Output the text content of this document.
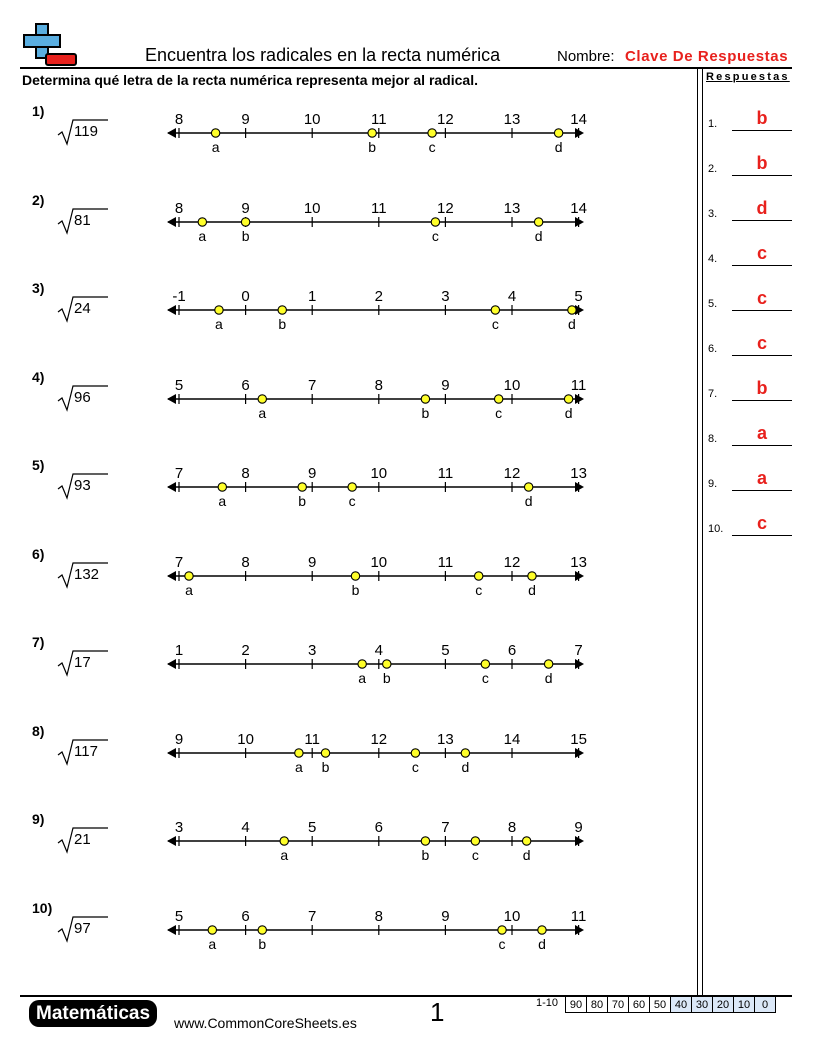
Encuentra los radicales en la recta numérica	Nombre: Clave De Respuestas
Determina qué letra de la recta numérica representa mejor al radical.	Respuestas
1.	b
2.	b
3.	d
4.	c
5.	c
6.	c
7.	b
8.	a
9.	a
10.	c
1)
119
8	9	10	11	12	13	14
a	b	c	d
2)
81
8	9	10	11	12	13	14
a	b	c	d
3)
24
-1	0	1	2	3	4	5
a	b	c	d
4)
96
5	6	7	8	9	10	11
a	b	c	d
5)
93
7	8	9	10	11	12	13
a	b	c	d
6)
132
7	8	9	10	11	12	13
a	b	c	d
7)
17
1	2	3	4	5	6	7
a b	c	d
8)
117
9	10	11	12	13	14	15
a b	c	d
9)
21
3	4	5	6	7	8	9
a	b	c	d
10)
97
5	6	7	8	9	10	11
a	b	c d
Matemáticas	www.CommonCoreSheets.es	1	1-10 90	80	70	60	50	40	30	20	10	0
